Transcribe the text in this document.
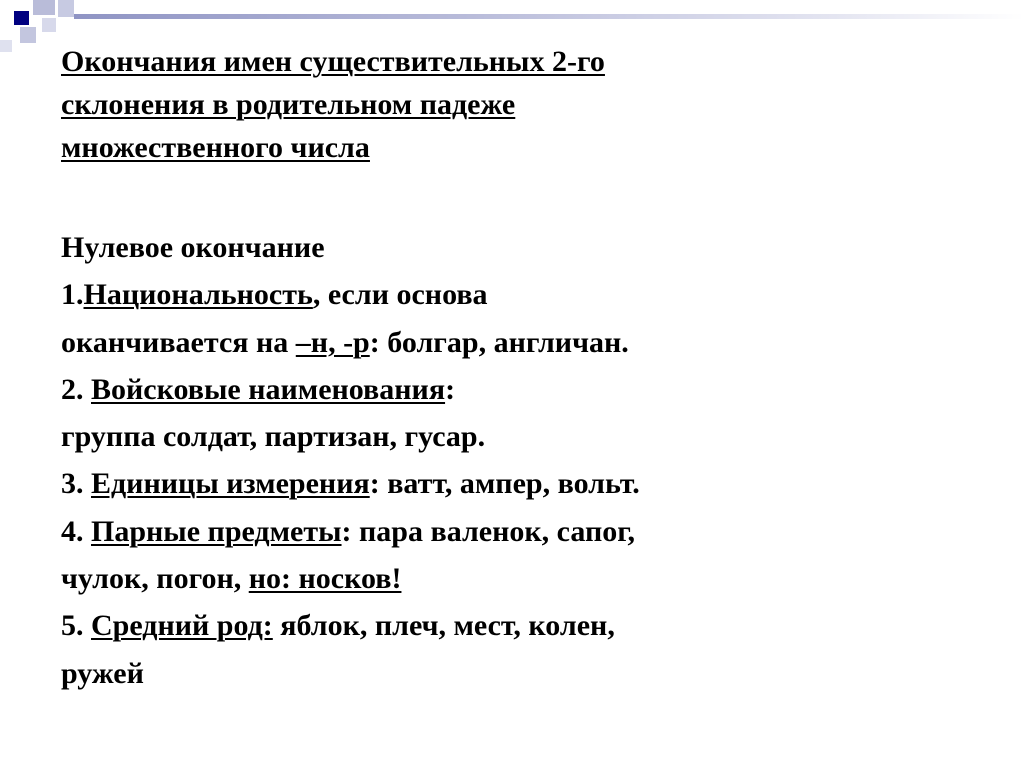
Окончания имен существительных 2-го
склонения в родительном падеже
множественного числа
Нулевое окончание
1.Национальность, если основа
оканчивается на –н, -р: болгар, англичан.
2. Войсковые наименования:
группа солдат, партизан, гусар.
3. Единицы измерения: ватт, ампер, вольт.
4. Парные предметы: пара валенок, сапог,
чулок, погон, но: носков!
5. Средний род: яблок, плеч, мест, колен,
ружей
